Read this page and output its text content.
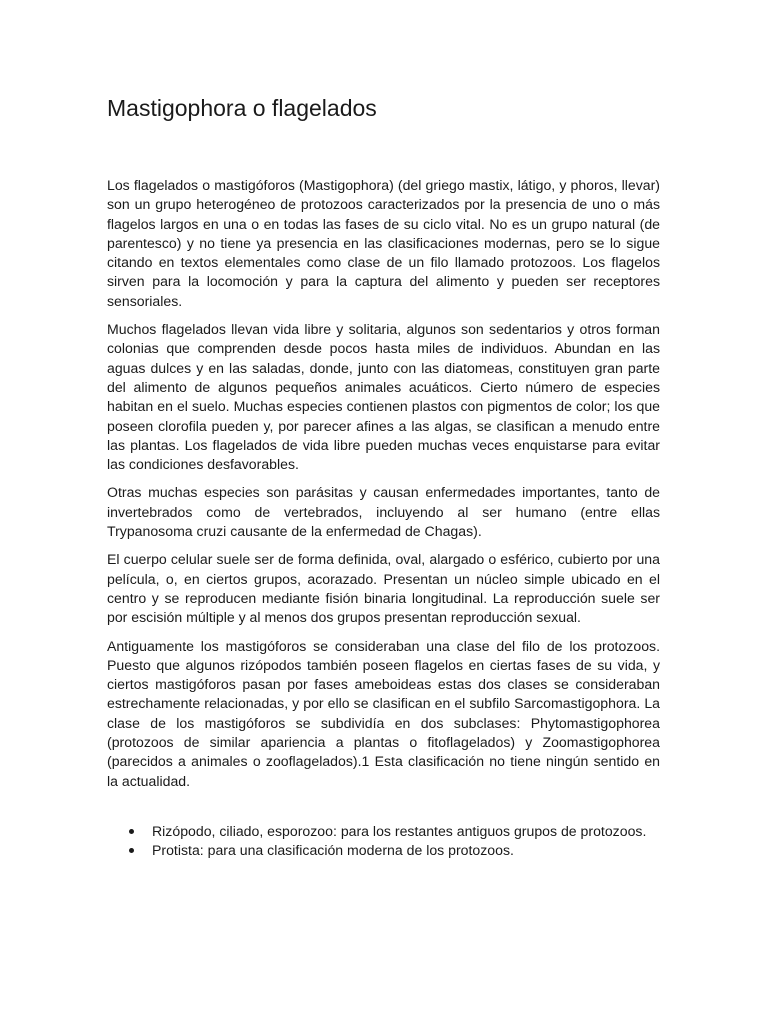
Mastigophora o flagelados

Los flagelados o mastigóforos (Mastigophora) (del griego mastix, látigo, y phoros, llevar) son un grupo heterogéneo de protozoos caracterizados por la presencia de uno o más flagelos largos en una o en todas las fases de su ciclo vital. No es un grupo natural (de parentesco) y no tiene ya presencia en las clasificaciones modernas, pero se lo sigue citando en textos elementales como clase de un filo llamado protozoos. Los flagelos sirven para la locomoción y para la captura del alimento y pueden ser receptores sensoriales.

Muchos flagelados llevan vida libre y solitaria, algunos son sedentarios y otros forman colonias que comprenden desde pocos hasta miles de individuos. Abundan en las aguas dulces y en las saladas, donde, junto con las diatomeas, constituyen gran parte del alimento de algunos pequeños animales acuáticos. Cierto número de especies habitan en el suelo. Muchas especies contienen plastos con pigmentos de color; los que poseen clorofila pueden y, por parecer afines a las algas, se clasifican a menudo entre las plantas. Los flagelados de vida libre pueden muchas veces enquistarse para evitar las condiciones desfavorables.

Otras muchas especies son parásitas y causan enfermedades importantes, tanto de invertebrados como de vertebrados, incluyendo al ser humano (entre ellas Trypanosoma cruzi causante de la enfermedad de Chagas).

El cuerpo celular suele ser de forma definida, oval, alargado o esférico, cubierto por una película, o, en ciertos grupos, acorazado. Presentan un núcleo simple ubicado en el centro y se reproducen mediante fisión binaria longitudinal. La reproducción suele ser por escisión múltiple y al menos dos grupos presentan reproducción sexual.

Antiguamente los mastigóforos se consideraban una clase del filo de los protozoos. Puesto que algunos rizópodos también poseen flagelos en ciertas fases de su vida, y ciertos mastigóforos pasan por fases ameboideas estas dos clases se consideraban estrechamente relacionadas, y por ello se clasifican en el subfilo Sarcomastigophora. La clase de los mastigóforos se subdividía en dos subclases: Phytomastigophorea (protozoos de similar apariencia a plantas o fitoflagelados) y Zoomastigophorea (parecidos a animales o zooflagelados).1 Esta clasificación no tiene ningún sentido en la actualidad.

Rizópodo, ciliado, esporozoo: para los restantes antiguos grupos de protozoos.
Protista: para una clasificación moderna de los protozoos.
